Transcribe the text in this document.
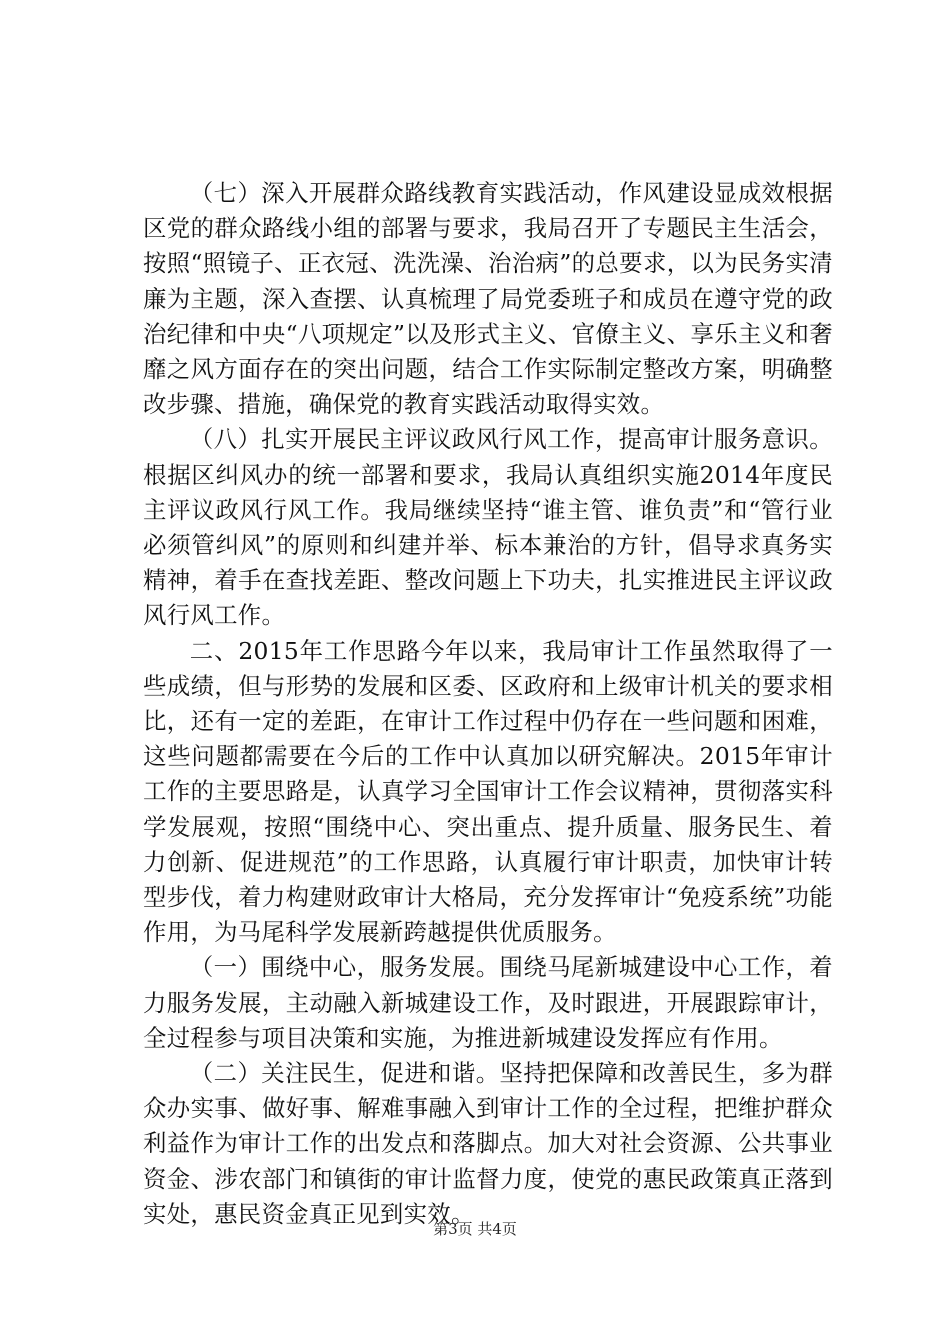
（七）深入开展群众路线教育实践活动，作风建设显成效根据区党的群众路线小组的部署与要求，我局召开了专题民主生活会，按照“照镜子、正衣冠、洗洗澡、治治病”的总要求，以为民务实清廉为主题，深入查摆、认真梳理了局党委班子和成员在遵守党的政治纪律和中央“八项规定”以及形式主义、官僚主义、享乐主义和奢靡之风方面存在的突出问题，结合工作实际制定整改方案，明确整改步骤、措施，确保党的教育实践活动取得实效。

（八）扎实开展民主评议政风行风工作，提高审计服务意识。根据区纠风办的统一部署和要求，我局认真组织实施2014年度民主评议政风行风工作。我局继续坚持“谁主管、谁负责”和“管行业必须管纠风”的原则和纠建并举、标本兼治的方针，倡导求真务实精神，着手在查找差距、整改问题上下功夫，扎实推进民主评议政风行风工作。

二、2015年工作思路今年以来，我局审计工作虽然取得了一些成绩，但与形势的发展和区委、区政府和上级审计机关的要求相比，还有一定的差距，在审计工作过程中仍存在一些问题和困难，这些问题都需要在今后的工作中认真加以研究解决。2015年审计工作的主要思路是，认真学习全国审计工作会议精神，贯彻落实科学发展观，按照“围绕中心、突出重点、提升质量、服务民生、着力创新、促进规范”的工作思路，认真履行审计职责，加快审计转型步伐，着力构建财政审计大格局，充分发挥审计“免疫系统”功能作用，为马尾科学发展新跨越提供优质服务。

（一）围绕中心，服务发展。围绕马尾新城建设中心工作，着力服务发展，主动融入新城建设工作，及时跟进，开展跟踪审计，全过程参与项目决策和实施，为推进新城建设发挥应有作用。

（二）关注民生，促进和谐。坚持把保障和改善民生，多为群众办实事、做好事、解难事融入到审计工作的全过程，把维护群众利益作为审计工作的出发点和落脚点。加大对社会资源、公共事业资金、涉农部门和镇街的审计监督力度，使党的惠民政策真正落到实处，惠民资金真正见到实效。

第3页 共4页
